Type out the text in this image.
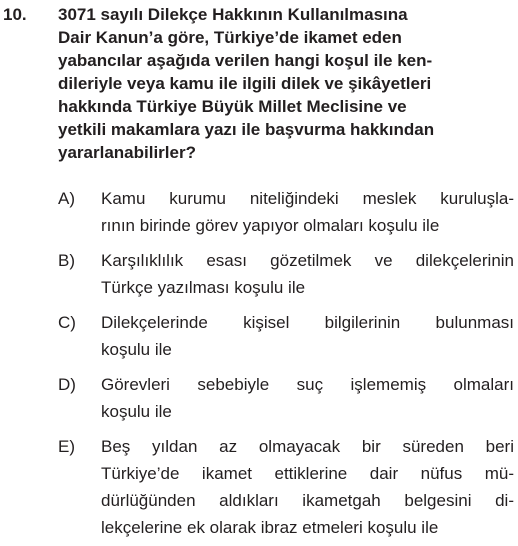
10. 3071 sayılı Dilekçe Hakkının Kullanılmasına
Dair Kanun’a göre, Türkiye’de ikamet eden
yabancılar aşağıda verilen hangi koşul ile ken-
dileriyle veya kamu ile ilgili dilek ve şikâyetleri
hakkında Türkiye Büyük Millet Meclisine ve
yetkili makamlara yazı ile başvurma hakkından
yararlanabilirler?
A) Kamu kurumu niteliğindeki meslek kuruluşla-
rının birinde görev yapıyor olmaları koşulu ile
B) Karşılıklılık esası gözetilmek ve dilekçelerinin
Türkçe yazılması koşulu ile
C) Dilekçelerinde kişisel bilgilerinin bulunması
koşulu ile
D) Görevleri sebebiyle suç işlememiş olmaları
koşulu ile
E) Beş yıldan az olmayacak bir süreden beri
Türkiye’de ikamet ettiklerine dair nüfus mü-
dürlüğünden aldıkları ikametgah belgesini di-
lekçelerine ek olarak ibraz etmeleri koşulu ile
